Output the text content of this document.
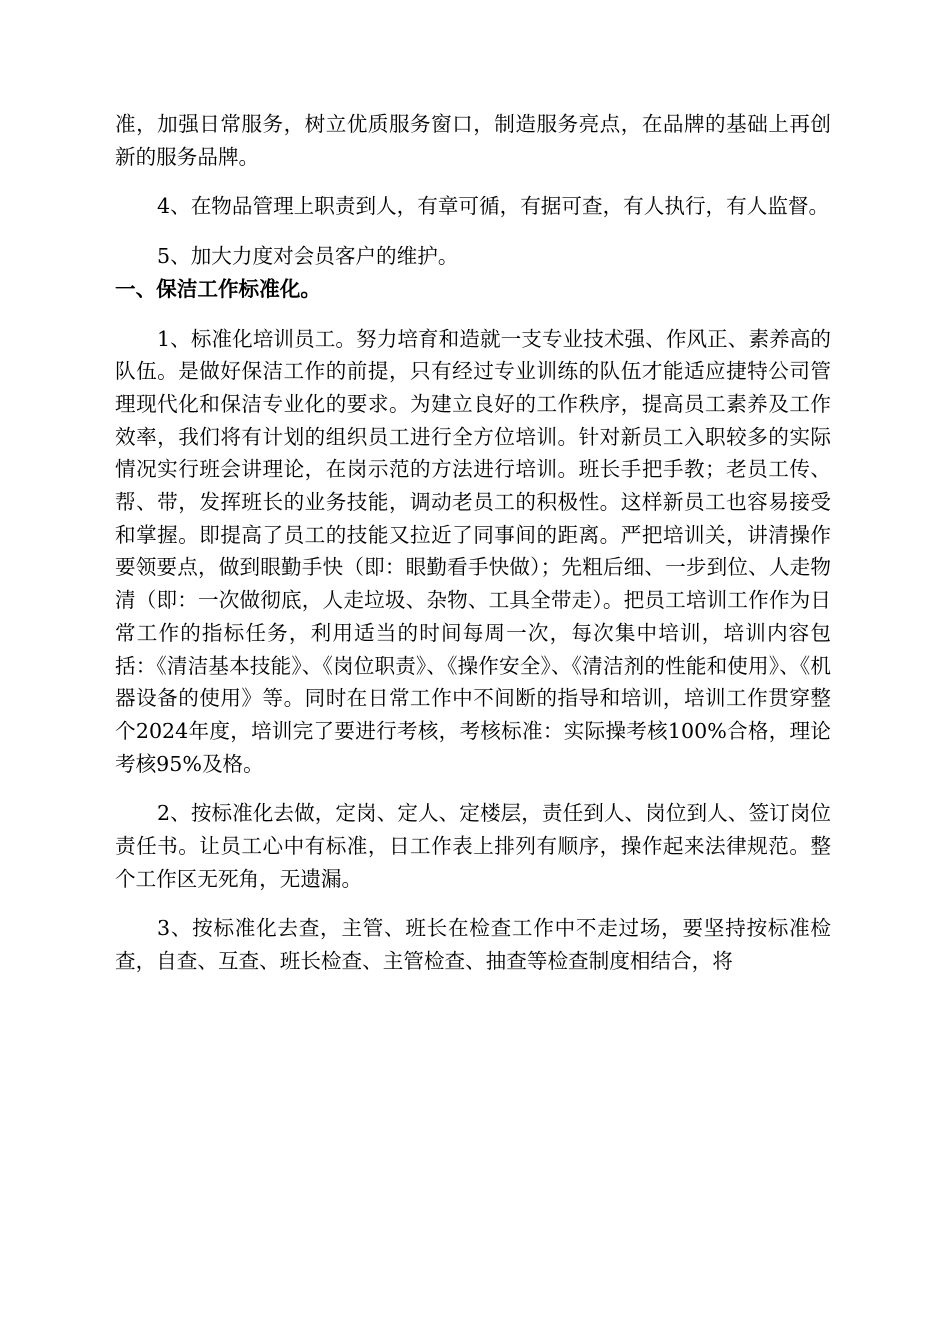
准，加强日常服务，树立优质服务窗口，制造服务亮点，在品牌的基础上再创新的服务品牌。

4、在物品管理上职责到人，有章可循，有据可查，有人执行，有人监督。

5、加大力度对会员客户的维护。

一、保洁工作标准化。

1、标准化培训员工。努力培育和造就一支专业技术强、作风正、素养高的队伍。是做好保洁工作的前提，只有经过专业训练的队伍才能适应捷特公司管理现代化和保洁专业化的要求。为建立良好的工作秩序，提高员工素养及工作效率，我们将有计划的组织员工进行全方位培训。针对新员工入职较多的实际情况实行班会讲理论，在岗示范的方法进行培训。班长手把手教；老员工传、帮、带，发挥班长的业务技能，调动老员工的积极性。这样新员工也容易接受和掌握。即提高了员工的技能又拉近了同事间的距离。严把培训关，讲清操作要领要点，做到眼勤手快（即：眼勤看手快做）；先粗后细、一步到位、人走物清（即：一次做彻底，人走垃圾、杂物、工具全带走）。把员工培训工作作为日常工作的指标任务，利用适当的时间每周一次，每次集中培训，培训内容包括：《清洁基本技能》、《岗位职责》、《操作安全》、《清洁剂的性能和使用》、《机器设备的使用》等。同时在日常工作中不间断的指导和培训，培训工作贯穿整个2024年度，培训完了要进行考核，考核标准：实际操考核100%合格，理论考核95%及格。

2、按标准化去做，定岗、定人、定楼层，责任到人、岗位到人、签订岗位责任书。让员工心中有标准，日工作表上排列有顺序，操作起来法律规范。整个工作区无死角，无遗漏。

3、按标准化去查，主管、班长在检查工作中不走过场，要坚持按标准检查，自查、互查、班长检查、主管检查、抽查等检查制度相结合，将
